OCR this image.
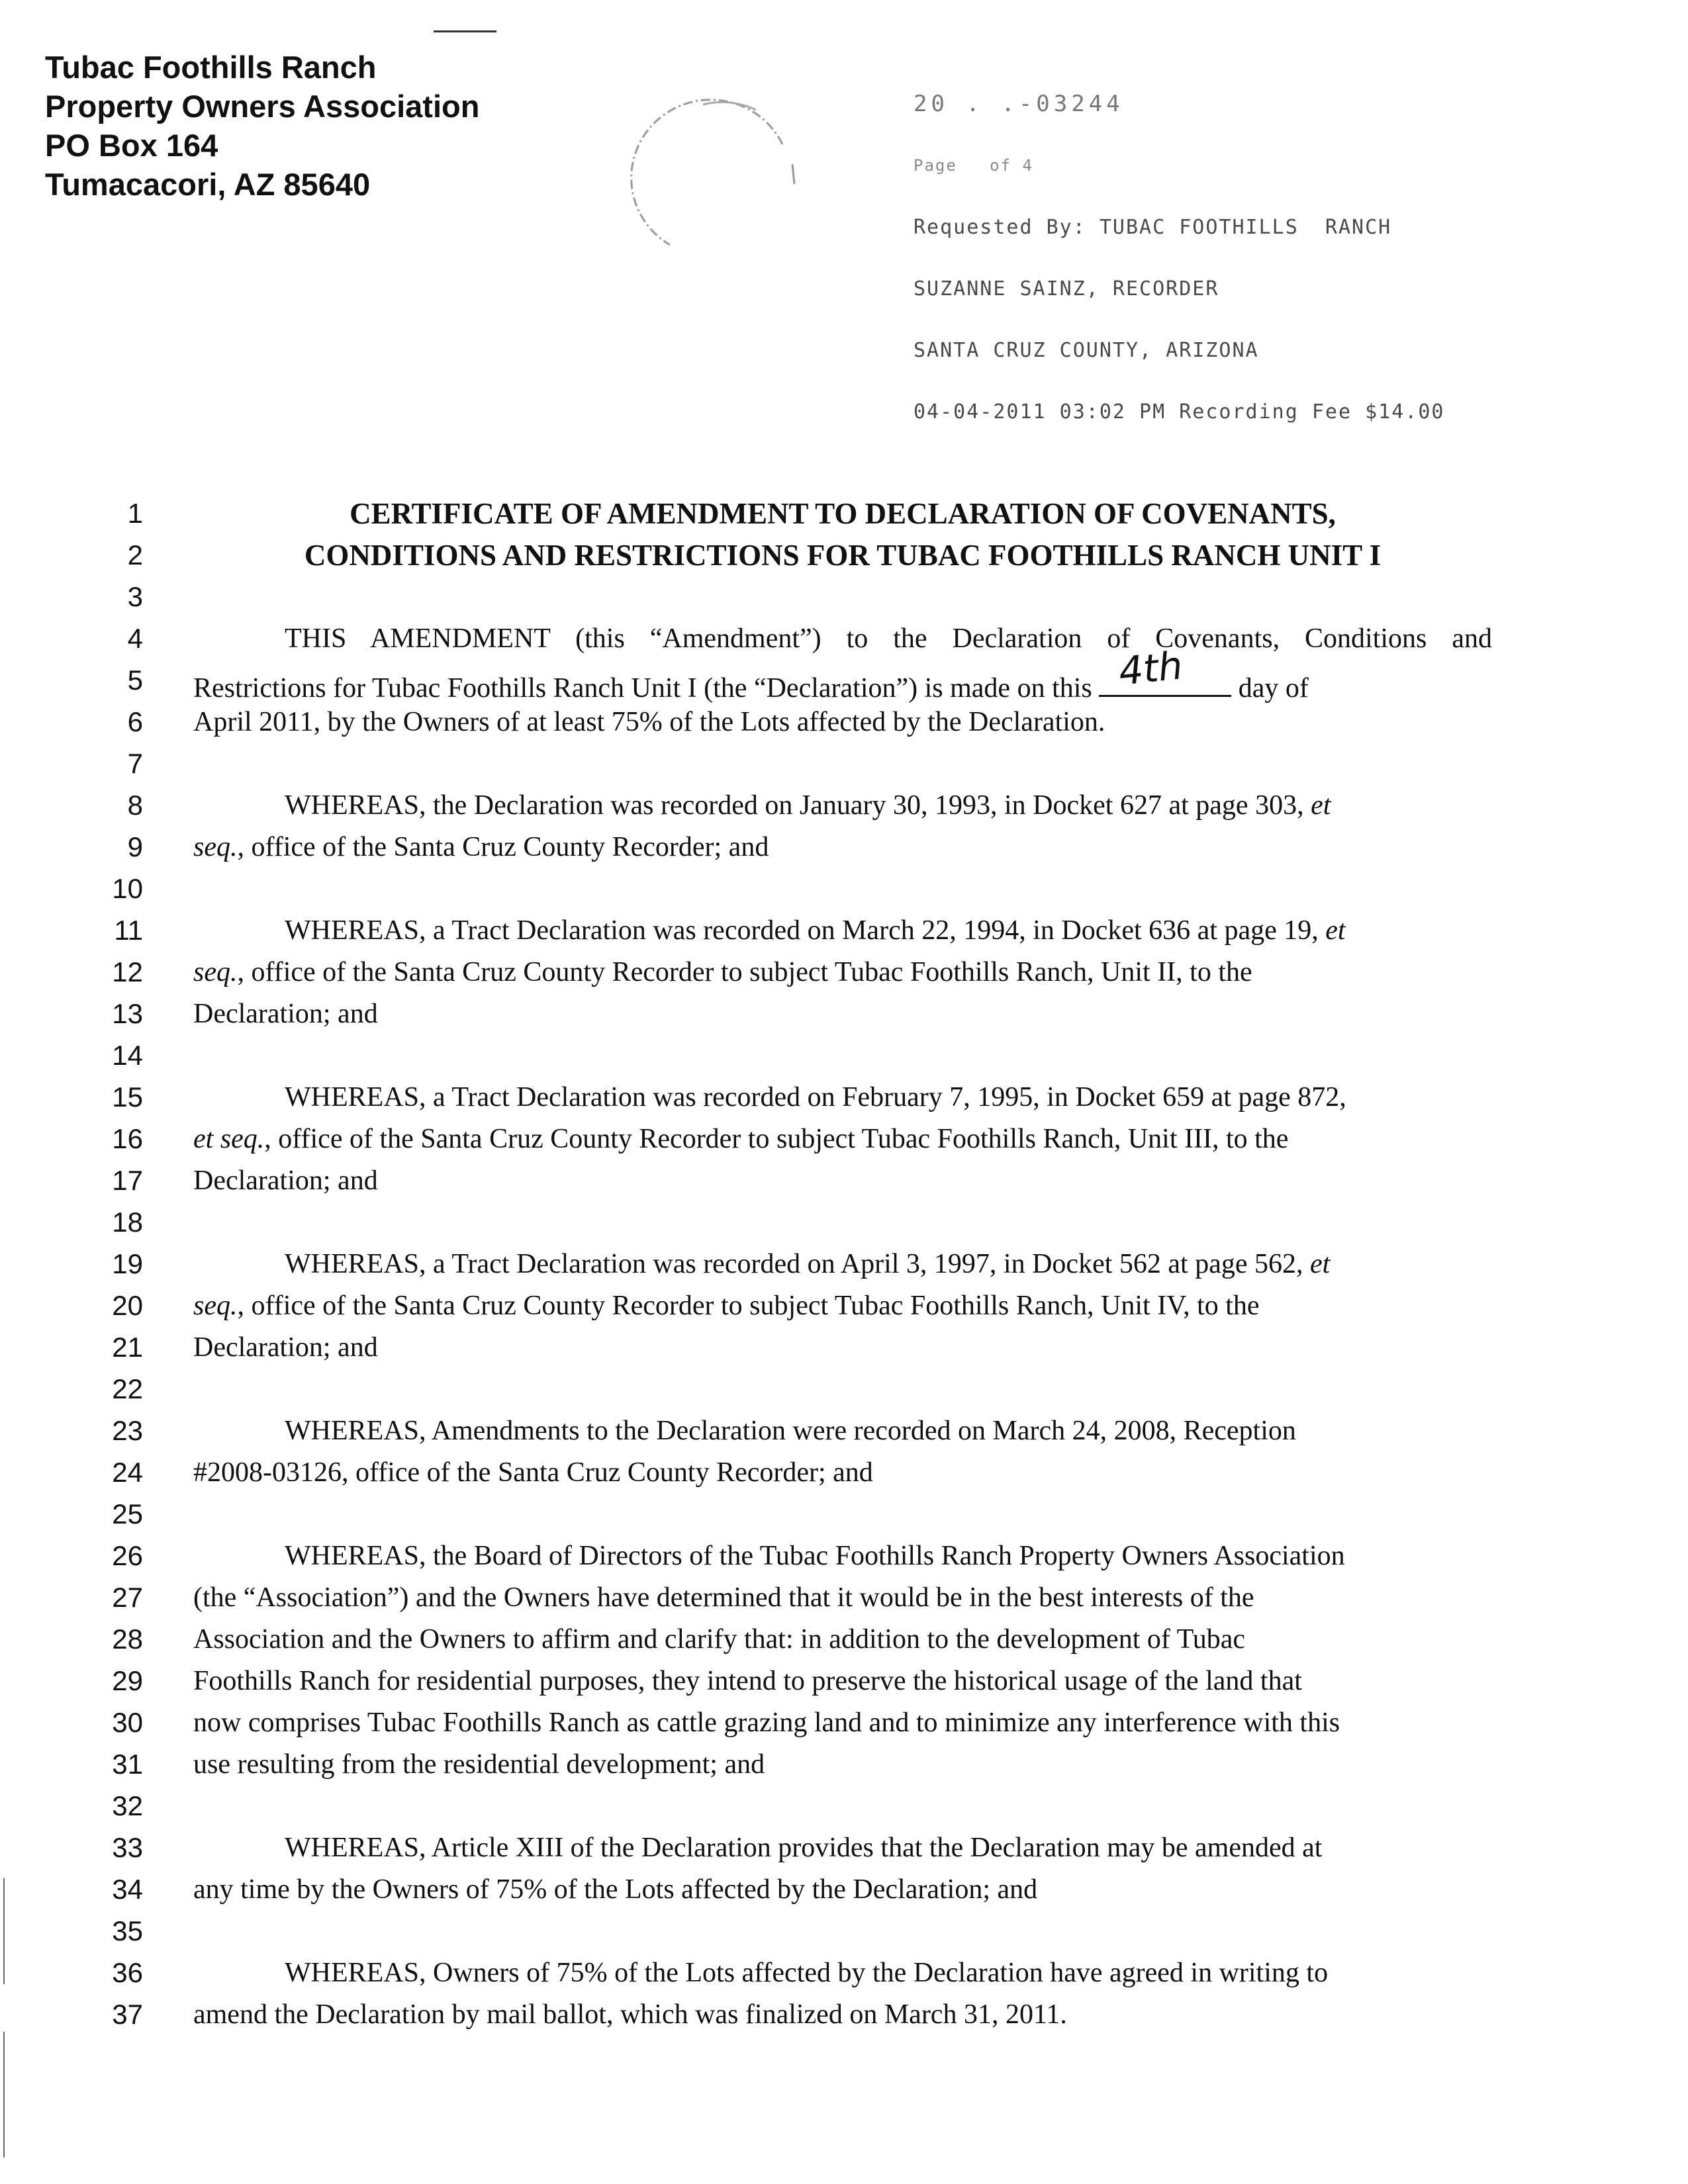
Tubac Foothills Ranch
Property Owners Association
PO Box 164
Tumacacori, AZ 85640

20 . .-03244

Page   of 4

Requested By: TUBAC FOOTHILLS  RANCH

SUZANNE SAINZ, RECORDER

SANTA CRUZ COUNTY, ARIZONA

04-04-2011 03:02 PM Recording Fee $14.00

1
2
3
4
5
6
7
8
9
10
11
12
13
14
15
16
17
18
19
20
21
22
23
24
25
26
27
28
29
30
31
32
33
34
35
36
37
CERTIFICATE OF AMENDMENT TO DECLARATION OF COVENANTS,
CONDITIONS AND RESTRICTIONS FOR TUBAC FOOTHILLS RANCH UNIT I
THIS AMENDMENT (this “Amendment”) to the Declaration of Covenants, Conditions and
Restrictions for Tubac Foothills Ranch Unit I (the “Declaration”) is made on this 4th day of
April 2011, by the Owners of at least 75% of the Lots affected by the Declaration.
WHEREAS, the Declaration was recorded on January 30, 1993, in Docket 627 at page 303, et
seq., office of the Santa Cruz County Recorder; and
WHEREAS, a Tract Declaration was recorded on March 22, 1994, in Docket 636 at page 19, et
seq., office of the Santa Cruz County Recorder to subject Tubac Foothills Ranch, Unit II, to the
Declaration; and
WHEREAS, a Tract Declaration was recorded on February 7, 1995, in Docket 659 at page 872,
et seq., office of the Santa Cruz County Recorder to subject Tubac Foothills Ranch, Unit III, to the
Declaration; and
WHEREAS, a Tract Declaration was recorded on April 3, 1997, in Docket 562 at page 562, et
seq., office of the Santa Cruz County Recorder to subject Tubac Foothills Ranch, Unit IV, to the
Declaration; and
WHEREAS, Amendments to the Declaration were recorded on March 24, 2008, Reception
#2008-03126, office of the Santa Cruz County Recorder; and
WHEREAS, the Board of Directors of the Tubac Foothills Ranch Property Owners Association
(the “Association”) and the Owners have determined that it would be in the best interests of the
Association and the Owners to affirm and clarify that: in addition to the development of Tubac
Foothills Ranch for residential purposes, they intend to preserve the historical usage of the land that
now comprises Tubac Foothills Ranch as cattle grazing land and to minimize any interference with this
use resulting from the residential development; and
WHEREAS, Article XIII of the Declaration provides that the Declaration may be amended at
any time by the Owners of 75% of the Lots affected by the Declaration; and
WHEREAS, Owners of 75% of the Lots affected by the Declaration have agreed in writing to
amend the Declaration by mail ballot, which was finalized on March 31, 2011.
